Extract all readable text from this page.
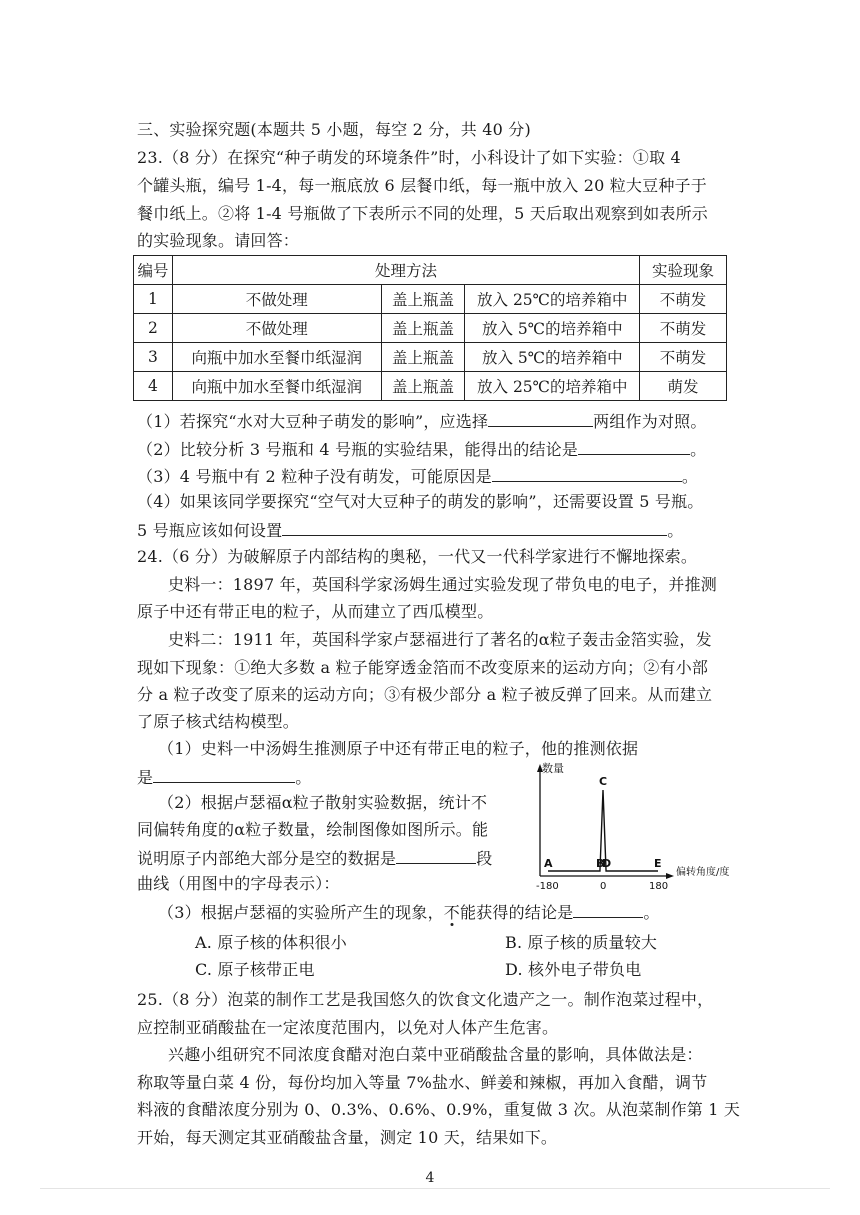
三、实验探究题(本题共 5 小题，每空 2 分，共 40 分)
23.（8 分）在探究“种子萌发的环境条件”时，小科设计了如下实验：①取 4
个罐头瓶，编号 1-4，每一瓶底放 6 层餐巾纸，每一瓶中放入 20 粒大豆种子于
餐巾纸上。②将 1-4 号瓶做了下表所示不同的处理，5 天后取出观察到如表所示
的实验现象。请回答：
编号	处理方法			实验现象
1	不做处理	盖上瓶盖	放入 25℃的培养箱中	不萌发
2	不做处理	盖上瓶盖	放入 5℃的培养箱中	不萌发
3	向瓶中加水至餐巾纸湿润	盖上瓶盖	放入 5℃的培养箱中	不萌发
4	向瓶中加水至餐巾纸湿润	盖上瓶盖	放入 25℃的培养箱中	萌发
（1）若探究“水对大豆种子萌发的影响”，应选择	两组作为对照。
（2）比较分析 3 号瓶和 4 号瓶的实验结果，能得出的结论是	。
（3）4 号瓶中有 2 粒种子没有萌发，可能原因是	。
（4）如果该同学要探究“空气对大豆种子的萌发的影响”，还需要设置 5 号瓶。
5 号瓶应该如何设置	。
24.（6 分）为破解原子内部结构的奥秘，一代又一代科学家进行不懈地探索。
史料一：1897 年，英国科学家汤姆生通过实验发现了带负电的电子，并推测
原子中还有带正电的粒子，从而建立了西瓜模型。
史料二：1911 年，英国科学家卢瑟福进行了著名的α粒子轰击金箔实验，发
现如下现象：①绝大多数 a 粒子能穿透金箔而不改变原来的运动方向；②有小部
分 a 粒子改变了原来的运动方向；③有极少部分 a 粒子被反弹了回来。从而建立
了原子核式结构模型。
（1）史料一中汤姆生推测原子中还有带正电的粒子，他的推测依据
是	。
（2）根据卢瑟福α粒子散射实验数据，统计不
同偏转角度的α粒子数量，绘制图像如图所示。能
说明原子内部绝大部分是空的数据是	段
曲线（用图中的字母表示）：
数量
偏转角度/度
A	B
C
D	E
-180	0	180
（3）根据卢瑟福的实验所产生的现象，不能获得的结论是	。
A. 原子核的体积很小	B. 原子核的质量较大
C. 原子核带正电	D. 核外电子带负电
25.（8 分）泡菜的制作工艺是我国悠久的饮食文化遗产之一。制作泡菜过程中，
应控制亚硝酸盐在一定浓度范围内，以免对人体产生危害。
兴趣小组研究不同浓度食醋对泡白菜中亚硝酸盐含量的影响，具体做法是：
称取等量白菜 4 份，每份均加入等量 7%盐水、鲜姜和辣椒，再加入食醋，调节
料液的食醋浓度分别为 0、0.3%、0.6%、0.9%，重复做 3 次。从泡菜制作第 1 天
开始，每天测定其亚硝酸盐含量，测定 10 天，结果如下。
4
